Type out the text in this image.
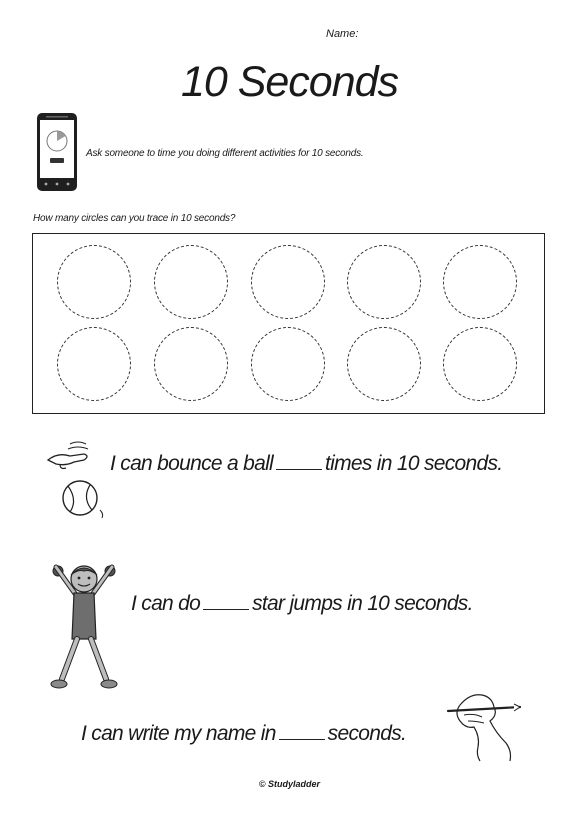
Name:
10 Seconds
Ask someone to time you doing different activities for 10 seconds.
How many circles can you trace in 10 seconds?
I can bounce a ball times in 10 seconds.
I can do star jumps in 10 seconds.
I can write my name in seconds.
© Studyladder
